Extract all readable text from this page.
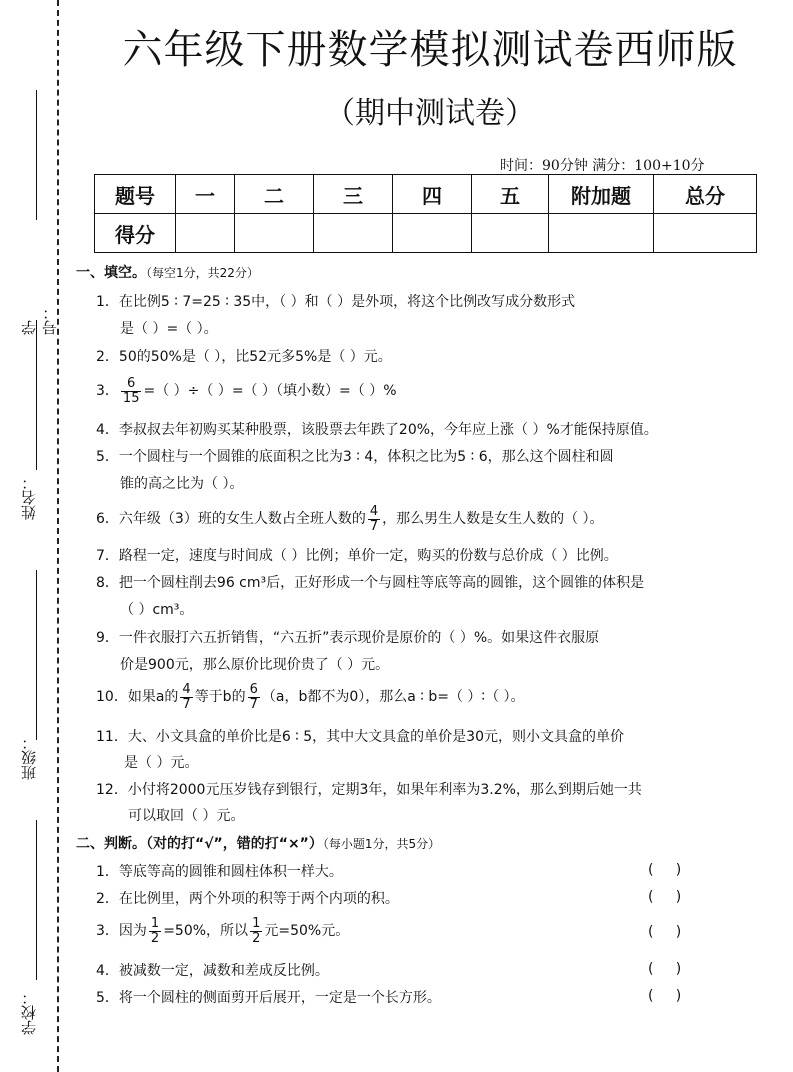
学号：
姓名：
班级：
学校：
六年级下册数学模拟测试卷西师版
（期中测试卷）
时间：90分钟 满分：100+10分
题号	一	二	三	四	五	附加题	总分
得分							
一、填空。（每空1分，共22分）
1．在比例5 ∶ 7=25 ∶ 35中，（ ）和（ ）是外项，将这个比例改写成分数形式
是（ ）=（ ）。
2．50的50%是（ ），比52元多5%是（ ）元。
3． $\frac{6}{15}$ =（ ）÷（ ）=（ ）（填小数）=（ ）%
4．李叔叔去年初购买某种股票，该股票去年跌了20%，今年应上涨（ ）%才能保持原值。
5．一个圆柱与一个圆锥的底面积之比为3 ∶ 4，体积之比为5 ∶ 6，那么这个圆柱和圆
锥的高之比为（ ）。
6．六年级（3）班的女生人数占全班人数的 $\frac{4}{7}$ ，那么男生人数是女生人数的（ ）。
7．路程一定，速度与时间成（ ）比例；单价一定，购买的份数与总价成（ ）比例。
8．把一个圆柱削去96 cm³后，正好形成一个与圆柱等底等高的圆锥，这个圆锥的体积是
（ ）cm³。
9．一件衣服打六五折销售，“六五折”表示现价是原价的（ ）%。如果这件衣服原
价是900元，那么原价比现价贵了（ ）元。
10．如果a的 $\frac{4}{7}$ 等于b的 $\frac{6}{7} (a$，b都不为0），那么a ∶ b=（ ）∶（ ）。
11．大、小文具盒的单价比是6 ∶ 5，其中大文具盒的单价是30元，则小文具盒的单价
是（ ）元。
12．小付将2000元压岁钱存到银行，定期3年，如果年利率为3.2%，那么到期后她一共
可以取回（ ）元。
二、判断。（对的打“√”，错的打“×”）（每小题1分，共5分）
1．等底等高的圆锥和圆柱体积一样大。	(     )
2．在比例里，两个外项的积等于两个内项的积。	(     )
3．因为 $\frac{1}{2} =50\%$，所以 $\frac{1}{2}$ 元=50%元。	(     )
4．被减数一定，减数和差成反比例。	(     )
5．将一个圆柱的侧面剪开后展开，一定是一个长方形。	(     )
